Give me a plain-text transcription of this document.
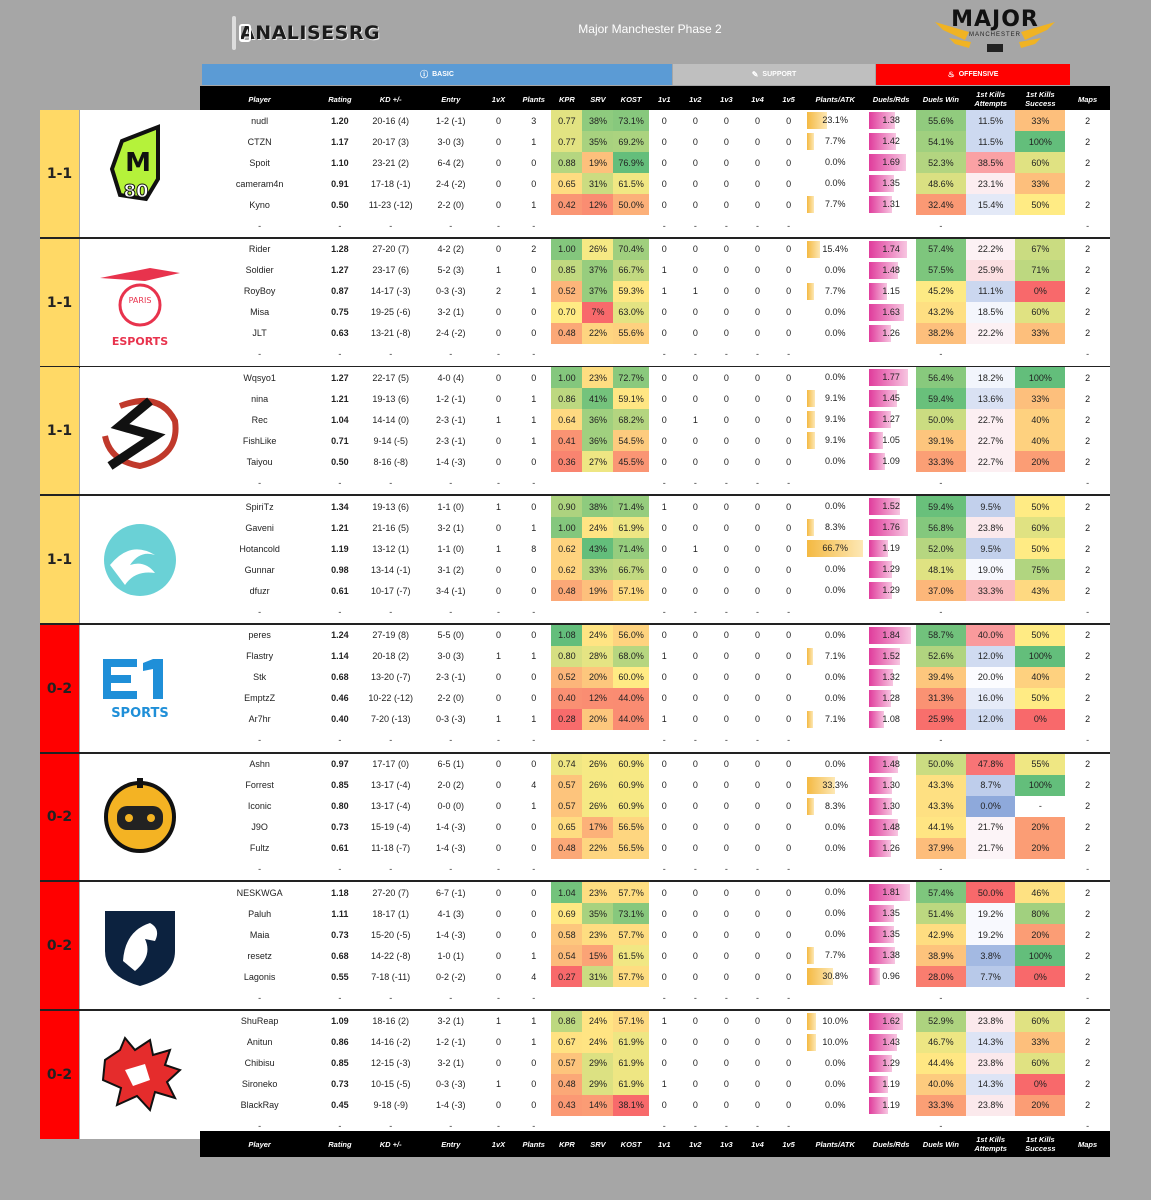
ANALISESRG	Major Manchester Phase 2	MAJOR
MANCHESTER
ⓘ BASIC	✎ SUPPORT	♨ OFFENSIVE
Player	Rating	KD +/-	Entry	1vX	Plants	KPR	SRV	KOST	1v1	1v2	1v3	1v4	1v5	Plants/ATK	Duels/Rds	Duels Win	1st Kills Attempts	1st Kills Success	Maps
1-1 M
80
nudl	1.20	20-16 (4)	1-2 (-1)	0	3	0.77	38%	73.1%	0	0	0	0	0	23.1%	1.38	55.6%	11.5%	33%	2
CTZN	1.17	20-17 (3)	3-0 (3)	0	1	0.77	35%	69.2%	0	0	0	0	0	7.7%	1.42	54.1%	11.5%	100%	2
Spoit	1.10	23-21 (2)	6-4 (2)	0	0	0.88	19%	76.9%	0	0	0	0	0	0.0%	1.69	52.3%	38.5%	60%	2
cameram4n	0.91	17-18 (-1)	2-4 (-2)	0	0	0.65	31%	61.5%	0	0	0	0	0	0.0%	1.35	48.6%	23.1%	33%	2
Kyno	0.50	11-23 (-12)	2-2 (0)	0	1	0.42	12%	50.0%	0	0	0	0	0	7.7%	1.31	32.4%	15.4%	50%	2
-	-	-	-	-	-				-	-	-	-	-			-			-
1-1	PARIS
ESPORTS
Rider	1.28	27-20 (7)	4-2 (2)	0	2	1.00	26%	70.4%	0	0	0	0	0	15.4%	1.74	57.4%	22.2%	67%	2
Soldier	1.27	23-17 (6)	5-2 (3)	1	0	0.85	37%	66.7%	1	0	0	0	0	0.0%	1.48	57.5%	25.9%	71%	2
RoyBoy	0.87	14-17 (-3)	0-3 (-3)	2	1	0.52	37%	59.3%	1	1	0	0	0	7.7%	1.15	45.2%	11.1%	0%	2
Misa	0.75	19-25 (-6)	3-2 (1)	0	0	0.70	7%	63.0%	0	0	0	0	0	0.0%	1.63	43.2%	18.5%	60%	2
JLT	0.63	13-21 (-8)	2-4 (-2)	0	0	0.48	22%	55.6%	0	0	0	0	0	0.0%	1.26	38.2%	22.2%	33%	2
-	-	-	-	-	-				-	-	-	-	-			-			-
1-1
Wqsyo1	1.27	22-17 (5)	4-0 (4)	0	0	1.00	23%	72.7%	0	0	0	0	0	0.0%	1.77	56.4%	18.2%	100%	2
nina	1.21	19-13 (6)	1-2 (-1)	0	1	0.86	41%	59.1%	0	0	0	0	0	9.1%	1.45	59.4%	13.6%	33%	2
Rec	1.04	14-14 (0)	2-3 (-1)	1	1	0.64	36%	68.2%	0	1	0	0	0	9.1%	1.27	50.0%	22.7%	40%	2
FishLike	0.71	9-14 (-5)	2-3 (-1)	0	1	0.41	36%	54.5%	0	0	0	0	0	9.1%	1.05	39.1%	22.7%	40%	2
Taiyou	0.50	8-16 (-8)	1-4 (-3)	0	0	0.36	27%	45.5%	0	0	0	0	0	0.0%	1.09	33.3%	22.7%	20%	2
-	-	-	-	-	-				-	-	-	-	-			-			-
1-1
SpiriTz	1.34	19-13 (6)	1-1 (0)	1	0	0.90	38%	71.4%	1	0	0	0	0	0.0%	1.52	59.4%	9.5%	50%	2
Gaveni	1.21	21-16 (5)	3-2 (1)	0	1	1.00	24%	61.9%	0	0	0	0	0	8.3%	1.76	56.8%	23.8%	60%	2
Hotancold	1.19	13-12 (1)	1-1 (0)	1	8	0.62	43%	71.4%	0	1	0	0	0	66.7%	1.19	52.0%	9.5%	50%	2
Gunnar	0.98	13-14 (-1)	3-1 (2)	0	0	0.62	33%	66.7%	0	0	0	0	0	0.0%	1.29	48.1%	19.0%	75%	2
dfuzr	0.61	10-17 (-7)	3-4 (-1)	0	0	0.48	19%	57.1%	0	0	0	0	0	0.0%	1.29	37.0%	33.3%	43%	2
-	-	-	-	-	-				-	-	-	-	-			-			-
0-2
SPORTS
peres	1.24	27-19 (8)	5-5 (0)	0	0	1.08	24%	56.0%	0	0	0	0	0	0.0%	1.84	58.7%	40.0%	50%	2
Flastry	1.14	20-18 (2)	3-0 (3)	1	1	0.80	28%	68.0%	1	0	0	0	0	7.1%	1.52	52.6%	12.0%	100%	2
Stk	0.68	13-20 (-7)	2-3 (-1)	0	0	0.52	20%	60.0%	0	0	0	0	0	0.0%	1.32	39.4%	20.0%	40%	2
EmptzZ	0.46	10-22 (-12)	2-2 (0)	0	0	0.40	12%	44.0%	0	0	0	0	0	0.0%	1.28	31.3%	16.0%	50%	2
Ar7hr	0.40	7-20 (-13)	0-3 (-3)	1	1	0.28	20%	44.0%	1	0	0	0	0	7.1%	1.08	25.9%	12.0%	0%	2
-	-	-	-	-	-				-	-	-	-	-			-			-
0-2
Ashn	0.97	17-17 (0)	6-5 (1)	0	0	0.74	26%	60.9%	0	0	0	0	0	0.0%	1.48	50.0%	47.8%	55%	2
Forrest	0.85	13-17 (-4)	2-0 (2)	0	4	0.57	26%	60.9%	0	0	0	0	0	33.3%	1.30	43.3%	8.7%	100%	2
Iconic	0.80	13-17 (-4)	0-0 (0)	0	1	0.57	26%	60.9%	0	0	0	0	0	8.3%	1.30	43.3%	0.0%	-	2
J9O	0.73	15-19 (-4)	1-4 (-3)	0	0	0.65	17%	56.5%	0	0	0	0	0	0.0%	1.48	44.1%	21.7%	20%	2
Fultz	0.61	11-18 (-7)	1-4 (-3)	0	0	0.48	22%	56.5%	0	0	0	0	0	0.0%	1.26	37.9%	21.7%	20%	2
-	-	-	-	-	-				-	-	-	-	-			-			-
0-2
NESKWGA	1.18	27-20 (7)	6-7 (-1)	0	0	1.04	23%	57.7%	0	0	0	0	0	0.0%	1.81	57.4%	50.0%	46%	2
Paluh	1.11	18-17 (1)	4-1 (3)	0	0	0.69	35%	73.1%	0	0	0	0	0	0.0%	1.35	51.4%	19.2%	80%	2
Maia	0.73	15-20 (-5)	1-4 (-3)	0	0	0.58	23%	57.7%	0	0	0	0	0	0.0%	1.35	42.9%	19.2%	20%	2
resetz	0.68	14-22 (-8)	1-0 (1)	0	1	0.54	15%	61.5%	0	0	0	0	0	7.7%	1.38	38.9%	3.8%	100%	2
Lagonis	0.55	7-18 (-11)	0-2 (-2)	0	4	0.27	31%	57.7%	0	0	0	0	0	30.8%	0.96	28.0%	7.7%	0%	2
-	-	-	-	-	-				-	-	-	-	-			-			-
0-2
ShuReap	1.09	18-16 (2)	3-2 (1)	1	1	0.86	24%	57.1%	1	0	0	0	0	10.0%	1.62	52.9%	23.8%	60%	2
Anitun	0.86	14-16 (-2)	1-2 (-1)	0	1	0.67	24%	61.9%	0	0	0	0	0	10.0%	1.43	46.7%	14.3%	33%	2
Chibisu	0.85	12-15 (-3)	3-2 (1)	0	0	0.57	29%	61.9%	0	0	0	0	0	0.0%	1.29	44.4%	23.8%	60%	2
Sironeko	0.73	10-15 (-5)	0-3 (-3)	1	0	0.48	29%	61.9%	1	0	0	0	0	0.0%	1.19	40.0%	14.3%	0%	2
BlackRay	0.45	9-18 (-9)	1-4 (-3)	0	0	0.43	14%	38.1%	0	0	0	0	0	0.0%	1.19	33.3%	23.8%	20%	2
-	-	-	-	-	-				-	-	-	-	-			-			-
Player	Rating	KD +/-	Entry	1vX	Plants	KPR	SRV	KOST	1v1	1v2	1v3	1v4	1v5	Plants/ATK	Duels/Rds	Duels Win	1st Kills Attempts	1st Kills Success	Maps
